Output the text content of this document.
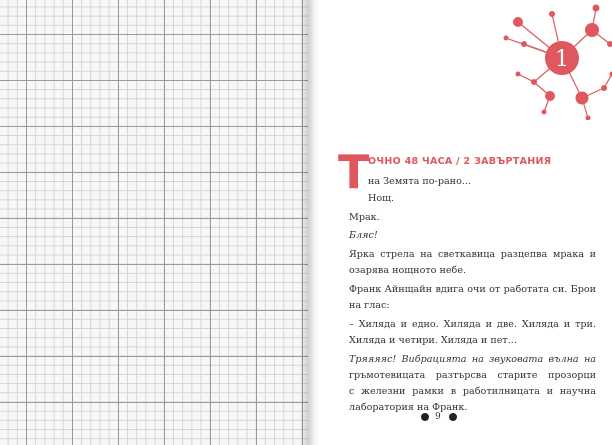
1
Т
ОЧНО 48 ЧАСА / 2 ЗАВЪРТАНИЯ
на Земята по-рано...
Нощ.
Мрак.
Бляс!
Ярка стрела на светкавица разцепва мрака и
озарява нощното небе.
Франк Айнщайн вдига очи от работата си. Брои
на глас:
– Хиляда и едно. Хиляда и две. Хиляда и три.
Хиляда и четири. Хиляда и пет...
Тряяяяс! Вибрацията на звуковата вълна на
гръмотевицата разтърсва старите прозорци
с железни рамки в работилницата и научна
лаборатория на Франк.
9
